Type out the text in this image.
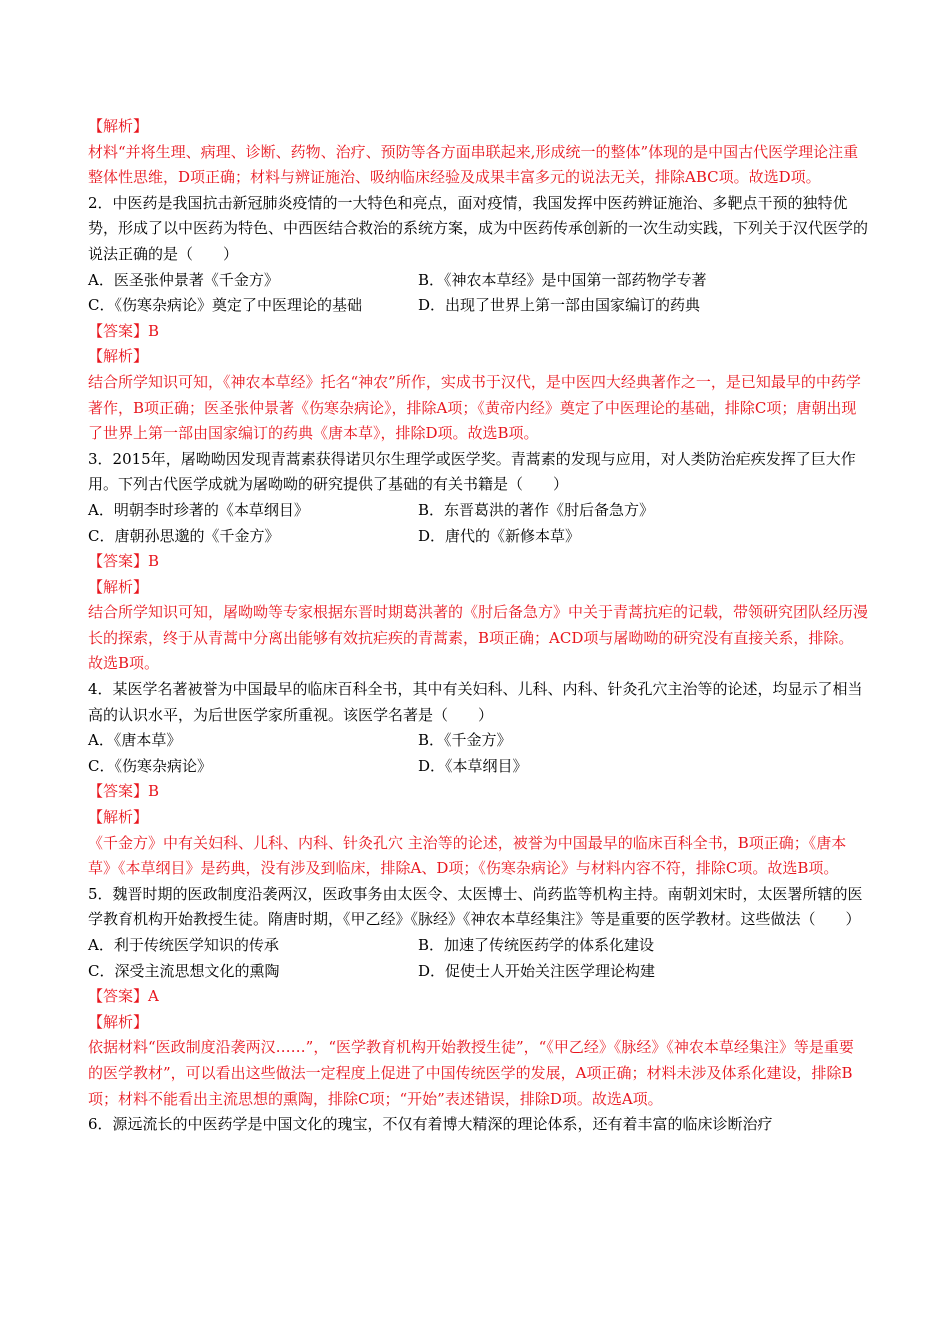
【解析】

材料“并将生理、病理、诊断、药物、治疗、预防等各方面串联起来,形成统一的整体”体现的是中国古代医学理论注重整体性思维，D项正确；材料与辨证施治、吸纳临床经验及成果丰富多元的说法无关，排除ABC项。故选D项。

2．中医药是我国抗击新冠肺炎疫情的一大特色和亮点，面对疫情，我国发挥中医药辨证施治、多靶点干预的独特优势，形成了以中医药为特色、中西医结合救治的系统方案，成为中医药传承创新的一次生动实践，下列关于汉代医学的说法正确的是（　　）

A．医圣张仲景著《千金方》	B．《神农本草经》是中国第一部药物学专著
C．《伤寒杂病论》奠定了中医理论的基础	D．出现了世界上第一部由国家编订的药典

【答案】B

【解析】

结合所学知识可知，《神农本草经》托名“神农”所作，实成书于汉代，是中医四大经典著作之一，是已知最早的中药学著作，B项正确；医圣张仲景著《伤寒杂病论》，排除A项；《黄帝内经》奠定了中医理论的基础，排除C项；唐朝出现了世界上第一部由国家编订的药典《唐本草》，排除D项。故选B项。

3．2015年，屠呦呦因发现青蒿素获得诺贝尔生理学或医学奖。青蒿素的发现与应用，对人类防治疟疾发挥了巨大作用。下列古代医学成就为屠呦呦的研究提供了基础的有关书籍是（　　）

A．明朝李时珍著的《本草纲目》	B．东晋葛洪的著作《肘后备急方》
C．唐朝孙思邈的《千金方》	D．唐代的《新修本草》

【答案】B

【解析】

结合所学知识可知，屠呦呦等专家根据东晋时期葛洪著的《肘后备急方》中关于青蒿抗疟的记载，带领研究团队经历漫长的探索，终于从青蒿中分离出能够有效抗疟疾的青蒿素，B项正确；ACD项与屠呦呦的研究没有直接关系，排除。故选B项。

4．某医学名著被誉为中国最早的临床百科全书，其中有关妇科、儿科、内科、针灸孔穴主治等的论述，均显示了相当高的认识水平，为后世医学家所重视。该医学名著是（　　）

A．《唐本草》	B．《千金方》
C．《伤寒杂病论》	D．《本草纲目》

【答案】B

【解析】

《千金方》中有关妇科、儿科、内科、针灸孔穴 主治等的论述，被誉为中国最早的临床百科全书，B项正确；《唐本草》《本草纲目》是药典，没有涉及到临床，排除A、D项；《伤寒杂病论》与材料内容不符，排除C项。故选B项。

5．魏晋时期的医政制度沿袭两汉，医政事务由太医令、太医博士、尚药监等机构主持。南朝刘宋时，太医署所辖的医学教育机构开始教授生徒。隋唐时期，《甲乙经》《脉经》《神农本草经集注》等是重要的医学教材。这些做法（　　）

A．利于传统医学知识的传承	B．加速了传统医药学的体系化建设
C．深受主流思想文化的熏陶	D．促使士人开始关注医学理论构建

【答案】A

【解析】

依据材料“医政制度沿袭两汉……”，“医学教育机构开始教授生徒”，“《甲乙经》《脉经》《神农本草经集注》等是重要的医学教材”，可以看出这些做法一定程度上促进了中国传统医学的发展，A项正确；材料未涉及体系化建设，排除B项；材料不能看出主流思想的熏陶，排除C项；“开始”表述错误，排除D项。故选A项。

6．源远流长的中医药学是中国文化的瑰宝，不仅有着博大精深的理论体系，还有着丰富的临床诊断治疗
